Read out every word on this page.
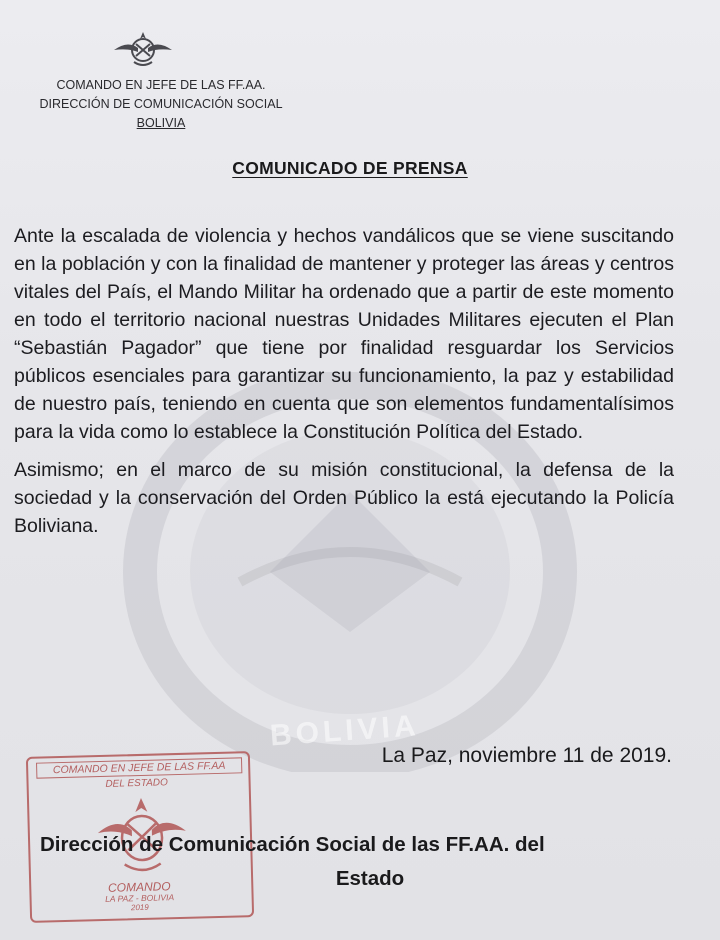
BOLIVIA
COMANDO EN JEFE DE LAS FF.AA.
DIRECCIÓN DE COMUNICACIÓN SOCIAL
BOLIVIA
COMUNICADO DE PRENSA

Ante la escalada de violencia y hechos vandálicos que se viene suscitando en la población y con la finalidad de mantener y proteger las áreas y centros vitales del País, el Mando Militar ha ordenado que a partir de este momento en todo el territorio nacional nuestras Unidades Militares ejecuten el Plan “Sebastián Pagador” que tiene por finalidad resguardar los Servicios públicos esenciales para garantizar su funcionamiento, la paz y estabilidad de nuestro país, teniendo en cuenta que son elementos fundamentalísimos para la vida como lo establece la Constitución Política del Estado.

Asimismo; en el marco de su misión constitucional, la defensa de la sociedad y la conservación del Orden Público la está ejecutando la Policía Boliviana.

La Paz, noviembre 11 de 2019.
COMANDO EN JEFE DE LAS FF.AA
DEL ESTADO
COMANDO
LA PAZ - BOLIVIA
2019
Dirección de Comunicación Social de las FF.AA. del
Estado
